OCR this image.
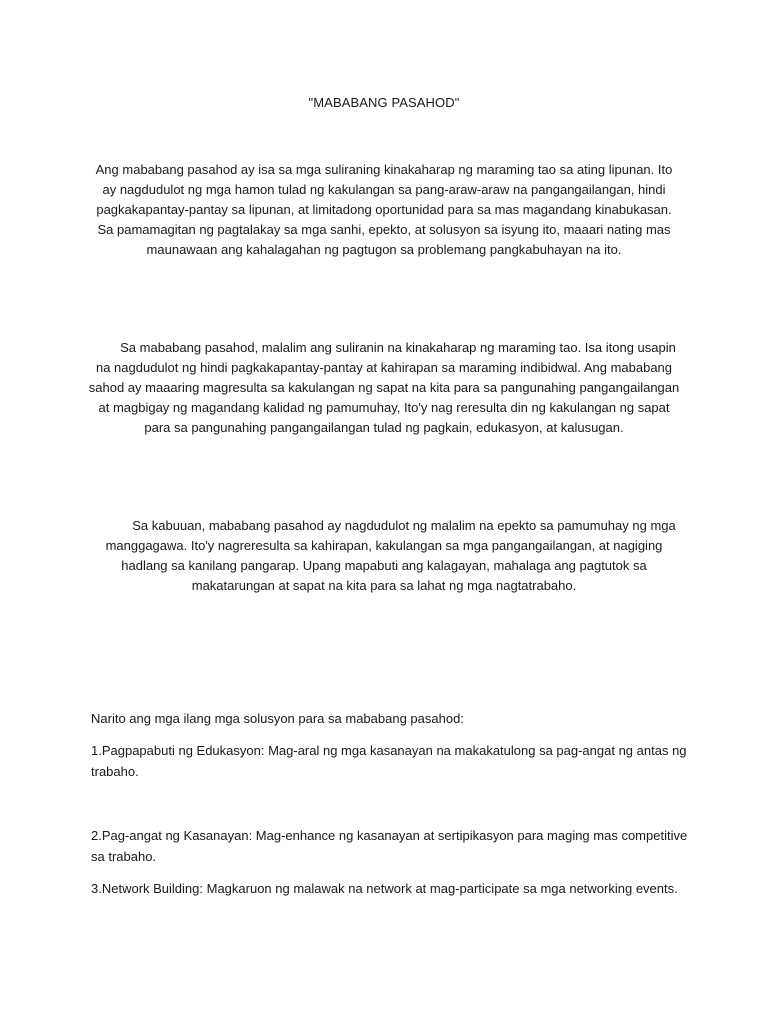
"MABABANG PASAHOD"

Ang mababang pasahod ay isa sa mga suliraning kinakaharap ng maraming tao sa ating lipunan. Ito ay nagdudulot ng mga hamon tulad ng kakulangan sa pang-araw-araw na pangangailangan, hindi pagkakapantay-pantay sa lipunan, at limitadong oportunidad para sa mas magandang kinabukasan. Sa pamamagitan ng pagtalakay sa mga sanhi, epekto, at solusyon sa isyung ito, maaari nating mas maunawaan ang kahalagahan ng pagtugon sa problemang pangkabuhayan na ito.

Sa mababang pasahod, malalim ang suliranin na kinakaharap ng maraming tao. Isa itong usapin na nagdudulot ng hindi pagkakapantay-pantay at kahirapan sa maraming indibidwal. Ang mababang sahod ay maaaring magresulta sa kakulangan ng sapat na kita para sa pangunahing pangangailangan at magbigay ng magandang kalidad ng pamumuhay, Ito'y nag reresulta din ng kakulangan ng sapat para sa pangunahing pangangailangan tulad ng pagkain, edukasyon, at kalusugan.

Sa kabuuan, mababang pasahod ay nagdudulot ng malalim na epekto sa pamumuhay ng mga manggagawa. Ito'y nagreresulta sa kahirapan, kakulangan sa mga pangangailangan, at nagiging hadlang sa kanilang pangarap. Upang mapabuti ang kalagayan, mahalaga ang pagtutok sa makatarungan at sapat na kita para sa lahat ng mga nagtatrabaho.

Narito ang mga ilang mga solusyon para sa mababang pasahod:

1.Pagpapabuti ng Edukasyon: Mag-aral ng mga kasanayan na makakatulong sa pag-angat ng antas ng trabaho.

2.Pag-angat ng Kasanayan: Mag-enhance ng kasanayan at sertipikasyon para maging mas competitive sa trabaho.

3.Network Building: Magkaruon ng malawak na network at mag-participate sa mga networking events.
